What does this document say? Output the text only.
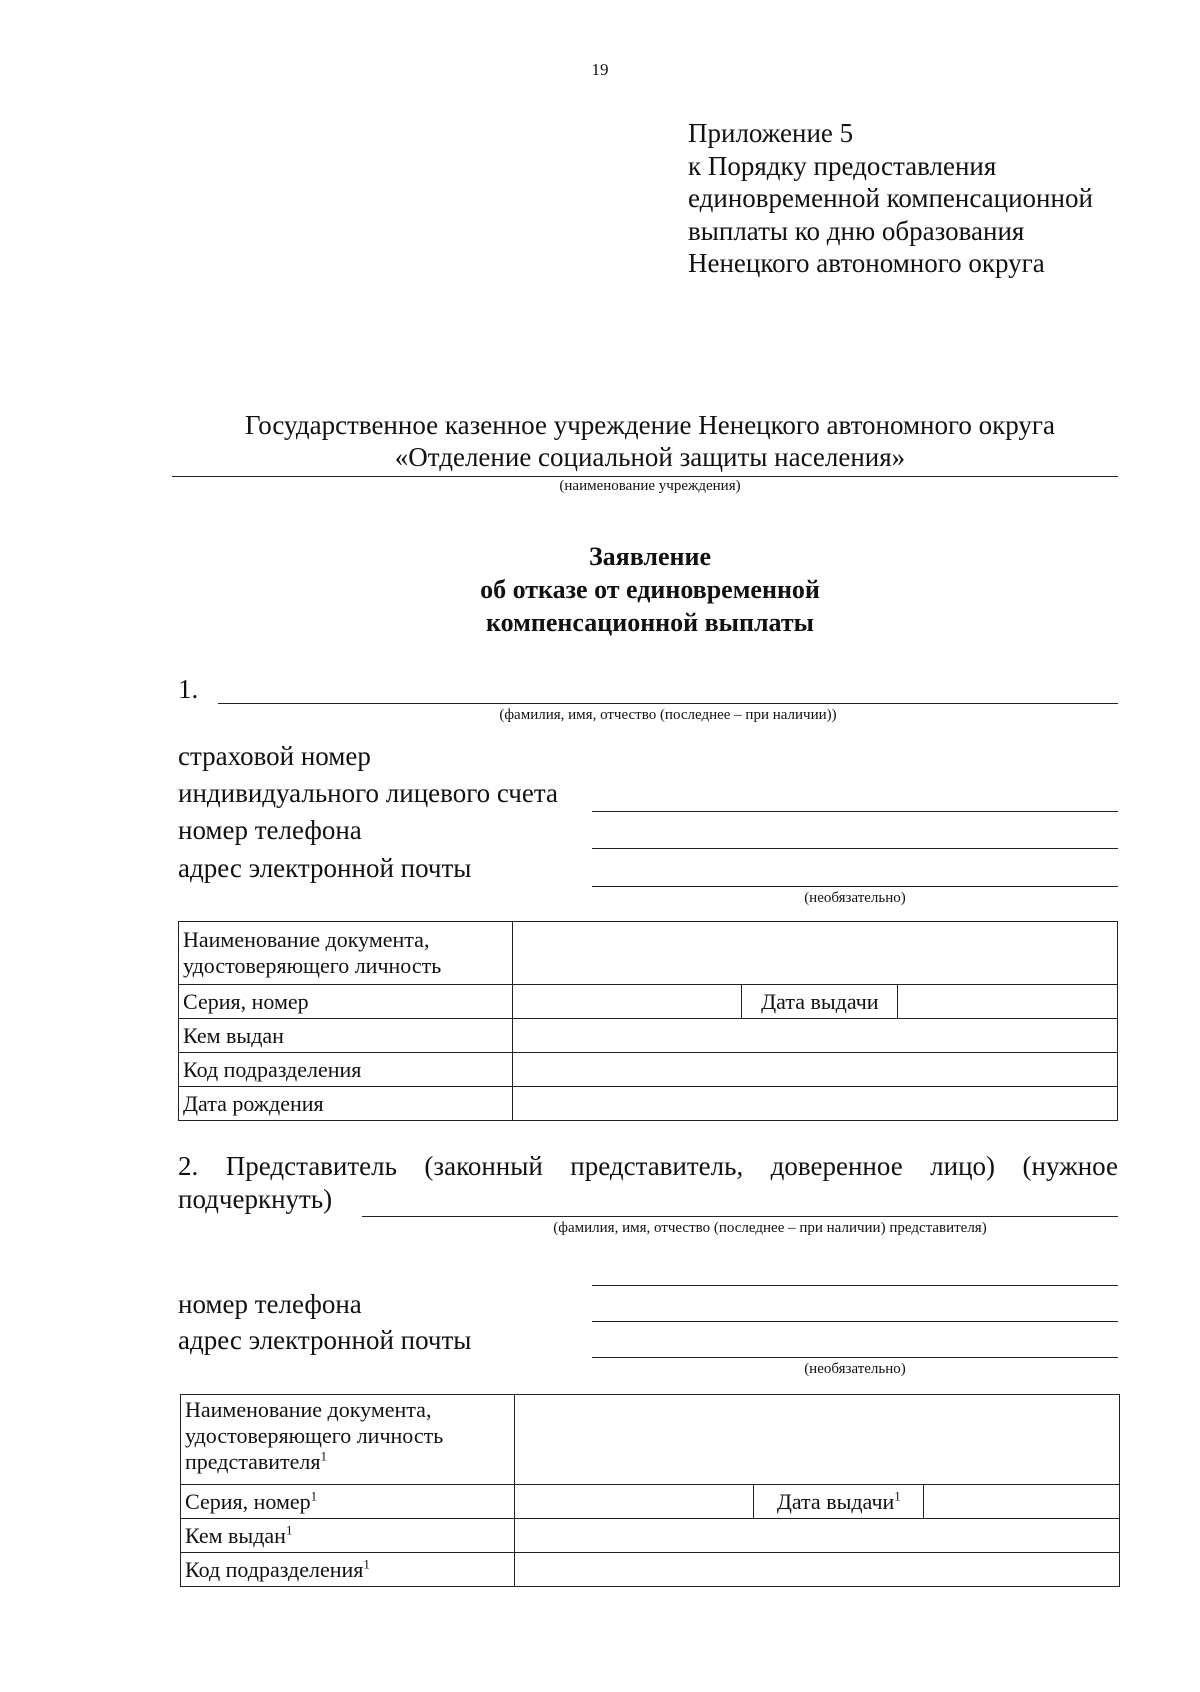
19
Приложение 5
к Порядку предоставления
единовременной компенсационной
выплаты ко дню образования
Ненецкого автономного округа
Государственное казенное учреждение Ненецкого автономного округа
«Отделение социальной защиты населения»
(наименование учреждения)
Заявление
об отказе от единовременной
компенсационной выплаты
1.
(фамилия, имя, отчество (последнее – при наличии))
страховой номер
индивидуального лицевого счета
номер телефона
адрес электронной почты
(необязательно)
Наименование документа, удостоверяющего личность			
Серия, номер		Дата выдачи	
Кем выдан			
Код подразделения			
Дата рождения			
2. Представитель (законный представитель, доверенное лицо) (нужное подчеркнуть)
(фамилия, имя, отчество (последнее – при наличии) представителя)
номер телефона
адрес электронной почты
(необязательно)
Наименование документа, удостоверяющего личность представителя$^1$	
Серия, номер$^1$		Дата выдачи$^1$	
Кем выдан$^1$	
Код подразделения$^1$	
